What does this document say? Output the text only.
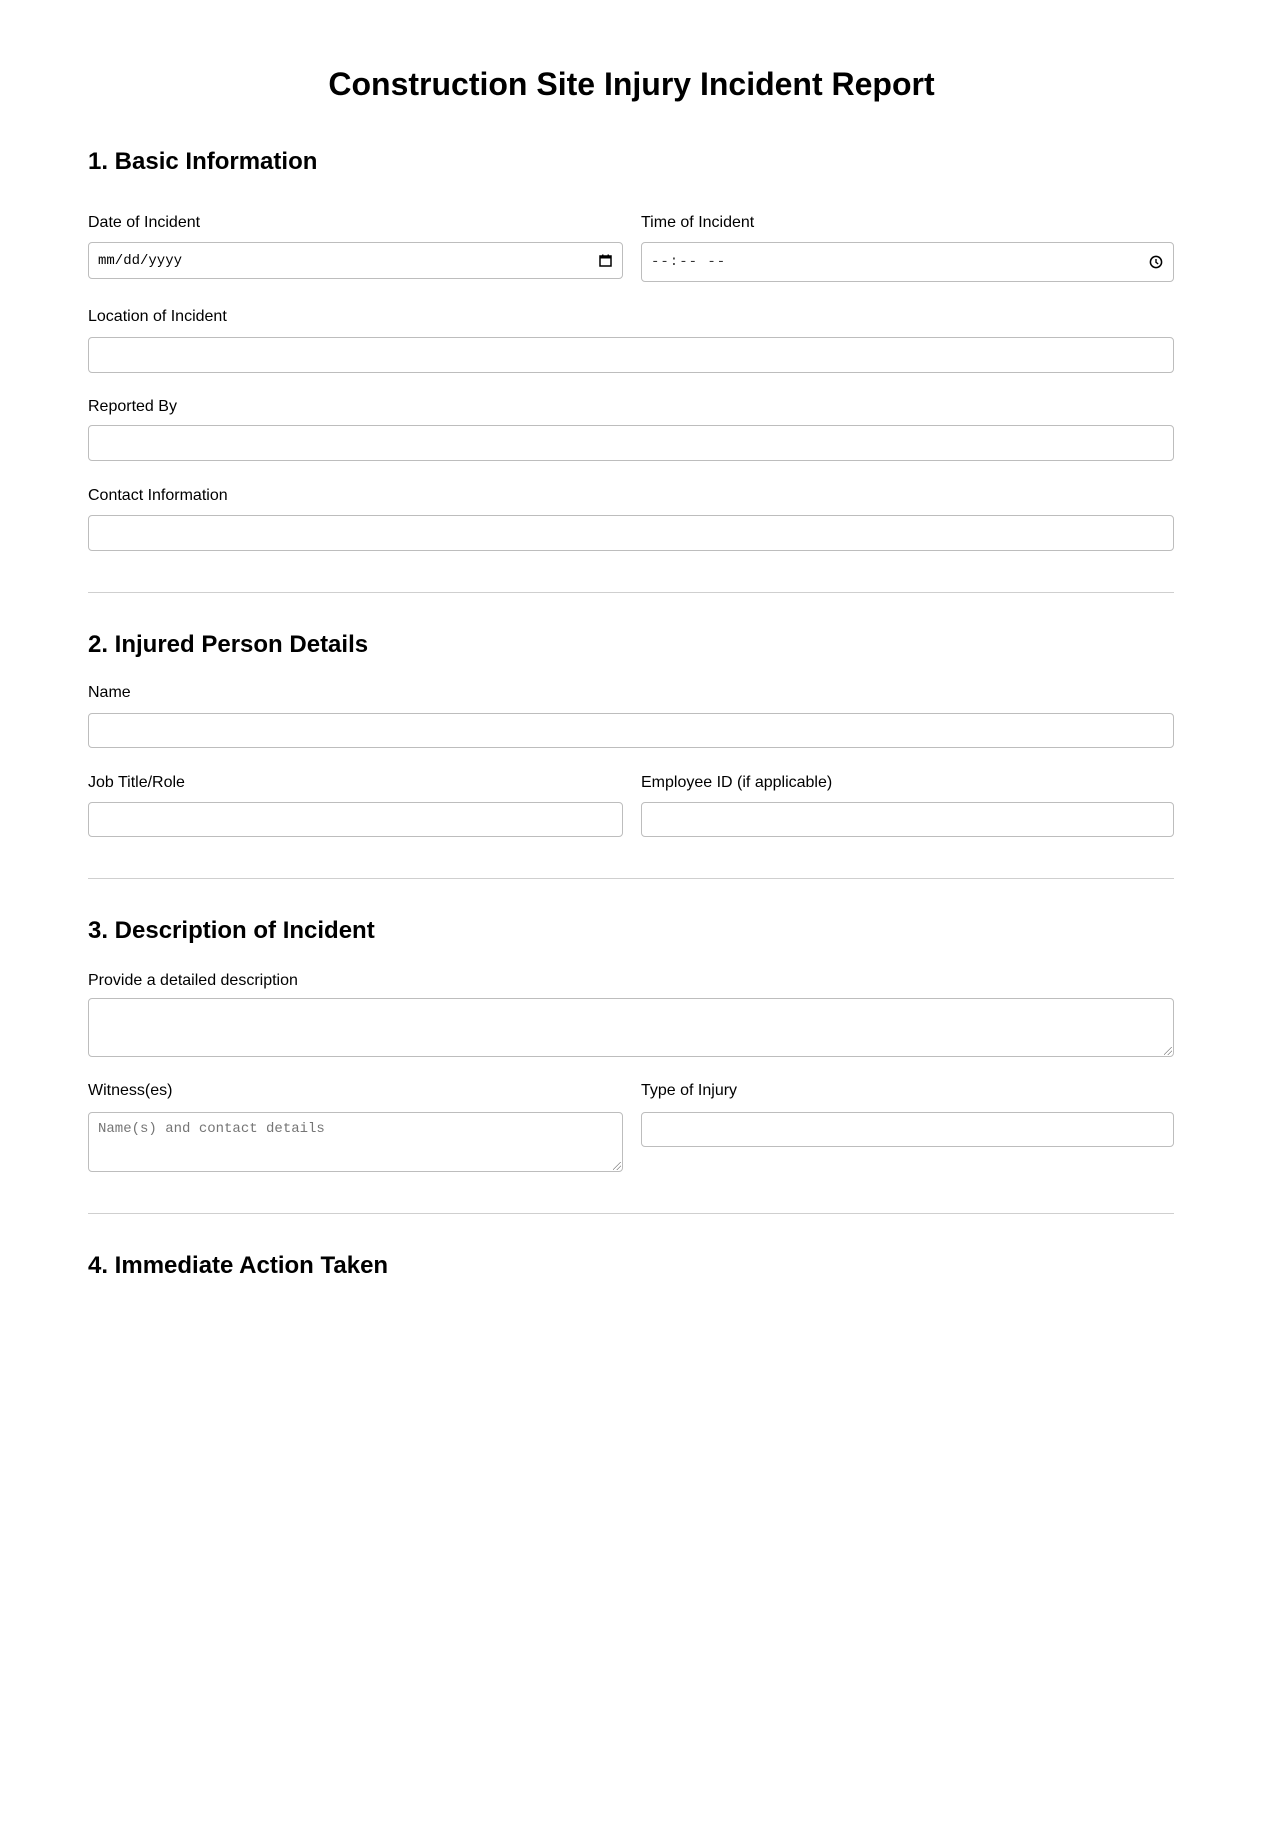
Construction Site Injury Incident Report
1. Basic Information
Date of Incident
mm/dd/yyyy
Time of Incident
--:-- --
Location of Incident
Reported By
Contact Information
2. Injured Person Details
Name
Job Title/Role	Employee ID (if applicable)
3. Description of Incident
Provide a detailed description
Witness(es)
Name(s) and contact details	Type of Injury
4. Immediate Action Taken
